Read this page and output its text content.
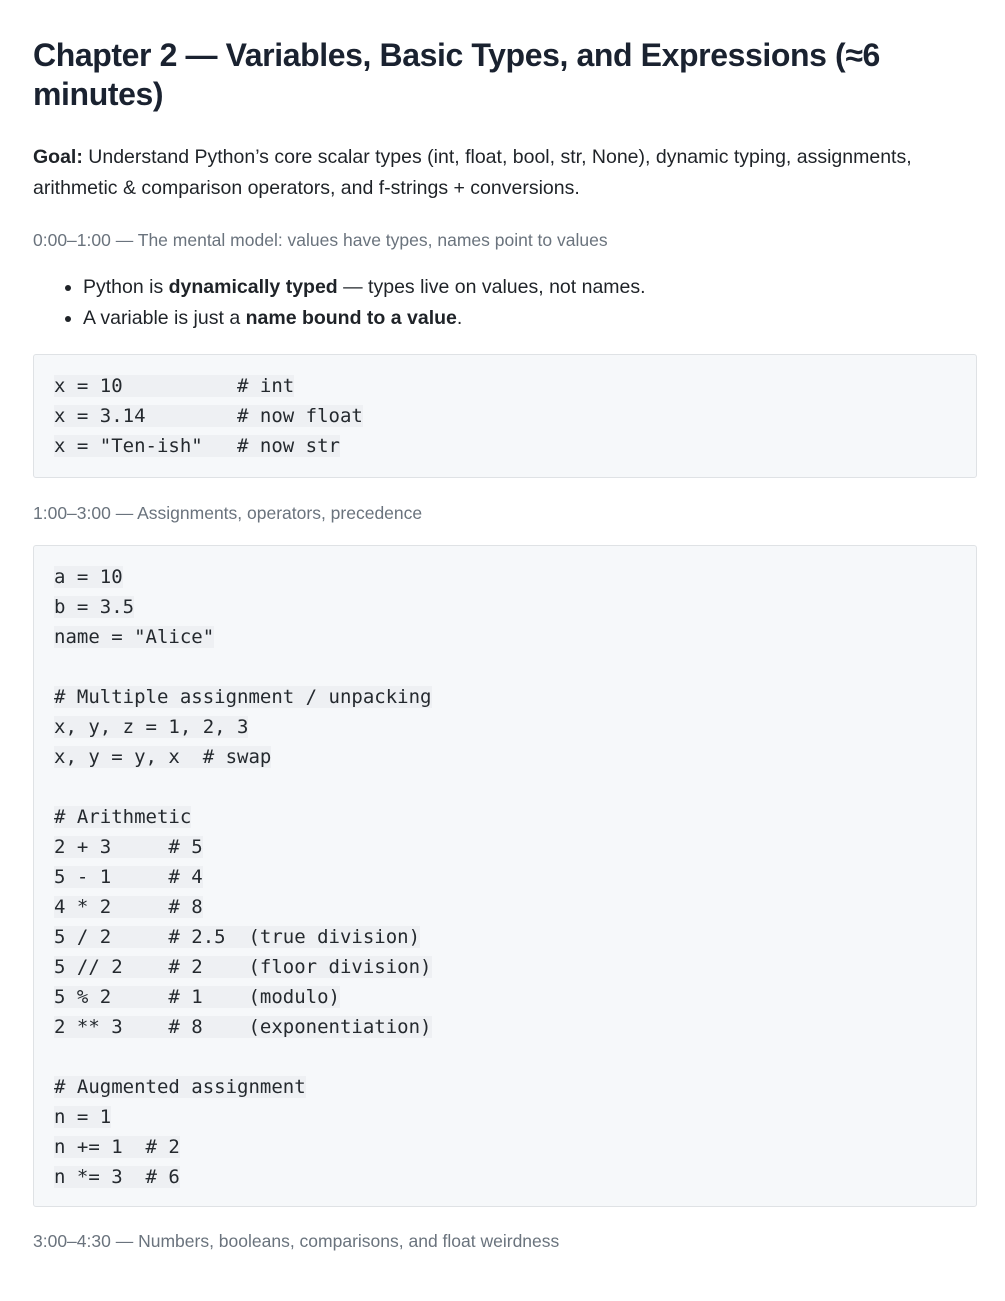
Chapter 2 — Variables, Basic Types, and Expressions (≈6 minutes)

Goal: Understand Python’s core scalar types (int, float, bool, str, None), dynamic typing, assignments, arithmetic & comparison operators, and f-strings + conversions.

0:00–1:00 — The mental model: values have types, names point to values
• Python is dynamically typed — types live on values, not names.
• A variable is just a name bound to a value.
x = 10          # int
x = 3.14        # now float
x = "Ten-ish"   # now str
1:00–3:00 — Assignments, operators, precedence
a = 10
b = 3.5
name = "Alice"
# Multiple assignment / unpacking
x, y, z = 1, 2, 3
x, y = y, x  # swap
# Arithmetic
2 + 3     # 5
5 - 1     # 4
4 * 2     # 8
5 / 2     # 2.5  (true division)
5 // 2    # 2    (floor division)
5 % 2     # 1    (modulo)
2 ** 3    # 8    (exponentiation)
# Augmented assignment
n = 1
n += 1  # 2
n *= 3  # 6
3:00–4:30 — Numbers, booleans, comparisons, and float weirdness
